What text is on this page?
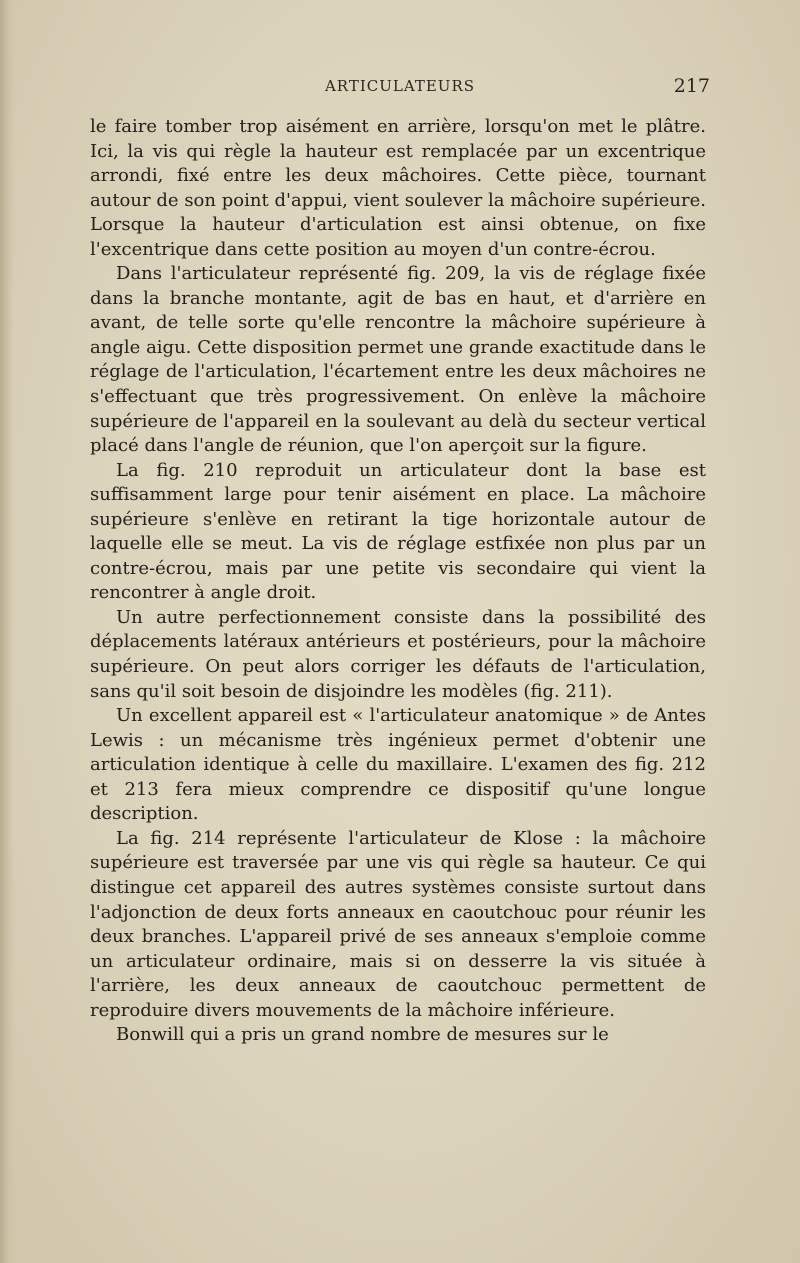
ARTICULATEURS	217

le faire tomber trop aisément en arrière, lorsqu'on met le plâtre. Ici, la vis qui règle la hauteur est remplacée par un excentrique arrondi, fixé entre les deux mâchoires. Cette pièce, tournant autour de son point d'appui, vient soulever la mâchoire supérieure. Lorsque la hauteur d'articulation est ainsi obtenue, on fixe l'excentrique dans cette position au moyen d'un contre-écrou.

Dans l'articulateur représenté fig. 209, la vis de réglage fixée dans la branche montante, agit de bas en haut, et d'arrière en avant, de telle sorte qu'elle rencontre la mâchoire supérieure à angle aigu. Cette disposition permet une grande exactitude dans le réglage de l'articulation, l'écartement entre les deux mâchoires ne s'effectuant que très progressivement. On enlève la mâchoire supérieure de l'appareil en la soulevant au delà du secteur vertical placé dans l'angle de réunion, que l'on aperçoit sur la figure.

La fig. 210 reproduit un articulateur dont la base est suffisamment large pour tenir aisément en place. La mâchoire supérieure s'enlève en retirant la tige horizontale autour de laquelle elle se meut. La vis de réglage estfixée non plus par un contre-écrou, mais par une petite vis secondaire qui vient la rencontrer à angle droit.

Un autre perfectionnement consiste dans la possibilité des déplacements latéraux antérieurs et postérieurs, pour la mâchoire supérieure. On peut alors corriger les défauts de l'articulation, sans qu'il soit besoin de disjoindre les modèles (fig. 211).

Un excellent appareil est « l'articulateur anatomique » de Antes Lewis : un mécanisme très ingénieux permet d'obtenir une articulation identique à celle du maxillaire. L'examen des fig. 212 et 213 fera mieux comprendre ce dispositif qu'une longue description.

La fig. 214 représente l'articulateur de Klose : la mâchoire supérieure est traversée par une vis qui règle sa hauteur. Ce qui distingue cet appareil des autres systèmes consiste surtout dans l'adjonction de deux forts anneaux en caoutchouc pour réunir les deux branches. L'appareil privé de ses anneaux s'emploie comme un articulateur ordinaire, mais si on desserre la vis située à l'arrière, les deux anneaux de caoutchouc permettent de reproduire divers mouvements de la mâchoire inférieure.

Bonwill qui a pris un grand nombre de mesures sur le
